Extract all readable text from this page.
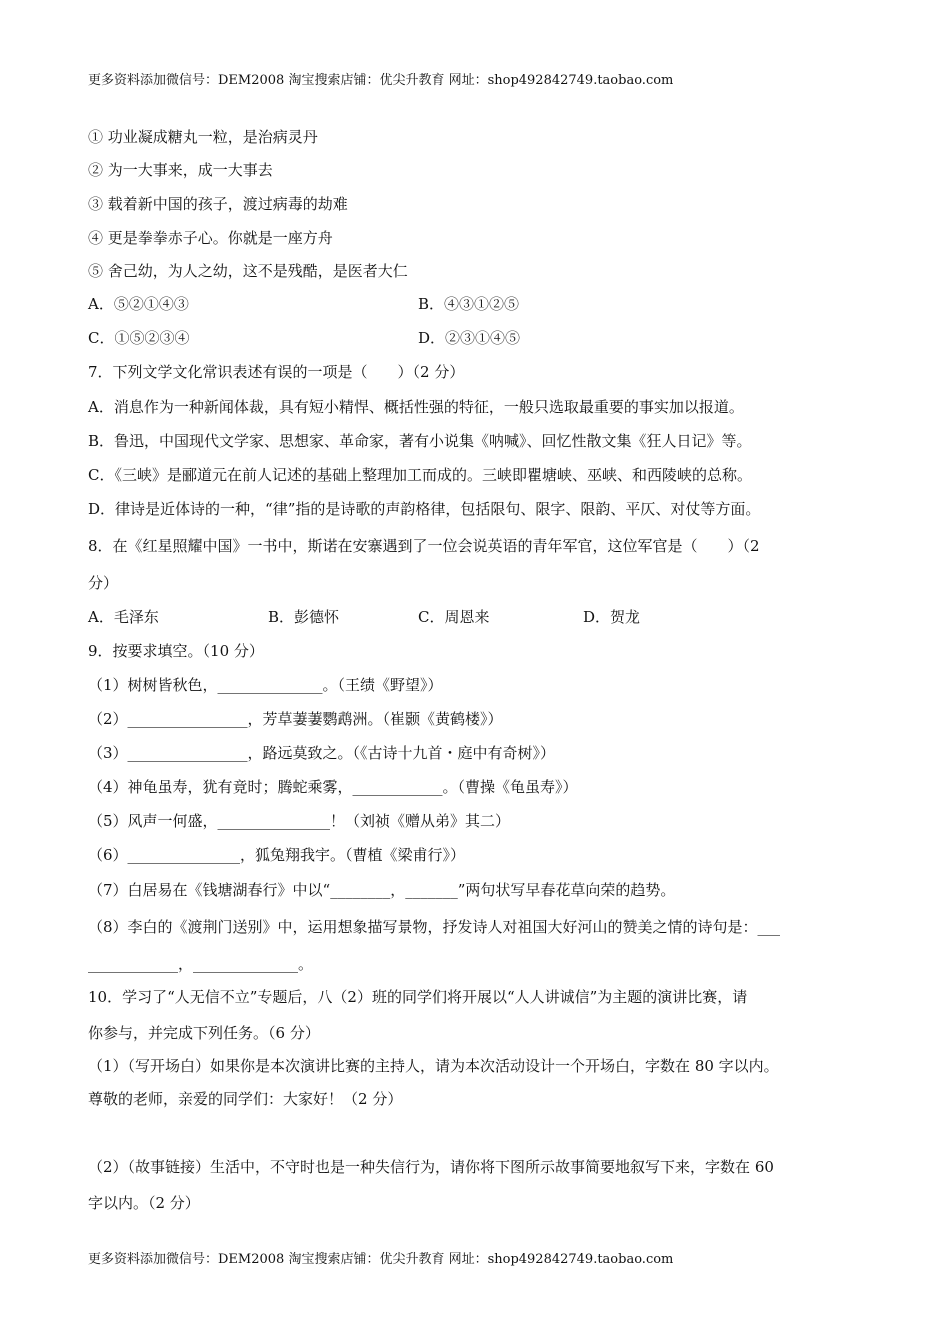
更多资料添加微信号：DEM2008 淘宝搜索店铺：优尖升教育 网址：shop492842749.taobao.com
① 功业凝成糖丸一粒，是治病灵丹
② 为一大事来，成一大事去
③ 载着新中国的孩子，渡过病毒的劫难
④ 更是拳拳赤子心。你就是一座方舟
⑤ 舍己幼，为人之幼，这不是残酷，是医者大仁
A．⑤②①④③	B．④③①②⑤
C．①⑤②③④	D．②③①④⑤
7．下列文学文化常识表述有误的一项是（　　）（2 分）
A．消息作为一种新闻体裁，具有短小精悍、概括性强的特征，一般只选取最重要的事实加以报道。
B．鲁迅，中国现代文学家、思想家、革命家，著有小说集《呐喊》、回忆性散文集《狂人日记》等。
C．《三峡》是郦道元在前人记述的基础上整理加工而成的。三峡即瞿塘峡、巫峡、和西陵峡的总称。
D．律诗是近体诗的一种，“律”指的是诗歌的声韵格律，包括限句、限字、限韵、平仄、对仗等方面。
8．在《红星照耀中国》一书中，斯诺在安寨遇到了一位会说英语的青年军官，这位军官是（　　）（2
分）
A．毛泽东	B．彭德怀	C．周恩来	D．贺龙
9．按要求填空。（10 分）
（1）树树皆秋色，______________。（王绩《野望》）
（2）________________，芳草萋萋鹦鹉洲。（崔颢《黄鹤楼》）
（3）________________，路远莫致之。（《古诗十九首・庭中有奇树》）
（4）神龟虽寿，犹有竟时；腾蛇乘雾，____________。（曹操《龟虽寿》）
（5）风声一何盛，_______________！（刘祯《赠从弟》其二）
（6）_______________，狐兔翔我宇。（曹植《梁甫行》）
（7）白居易在《钱塘湖春行》中以“________，_______”两句状写早春花草向荣的趋势。
（8）李白的《渡荆门送别》中，运用想象描写景物，抒发诗人对祖国大好河山的赞美之情的诗句是：___
____________，______________。
10．学习了“人无信不立”专题后，八（2）班的同学们将开展以“人人讲诚信”为主题的演讲比赛，请
你参与，并完成下列任务。（6 分）
（1）（写开场白）如果你是本次演讲比赛的主持人，请为本次活动设计一个开场白，字数在 80 字以内。
尊敬的老师，亲爱的同学们：大家好！（2 分）
（2）（故事链接）生活中，不守时也是一种失信行为，请你将下图所示故事简要地叙写下来，字数在 60
字以内。（2 分）
更多资料添加微信号：DEM2008 淘宝搜索店铺：优尖升教育 网址：shop492842749.taobao.com
